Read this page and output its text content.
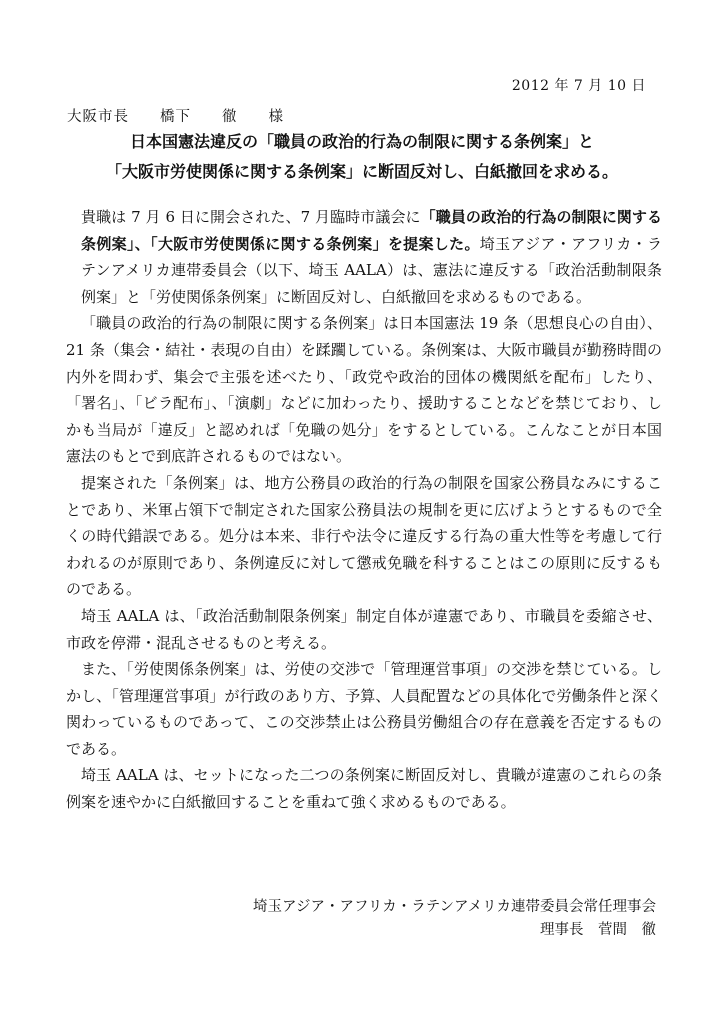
2012 年 7 月 10 日
大阪市長　　橋下　　徹　　様
日本国憲法違反の「職員の政治的行為の制限に関する条例案」と
「大阪市労使関係に関する条例案」に断固反対し、白紙撤回を求める。

貴職は 7 月 6 日に開会された、7 月臨時市議会に「職員の政治的行為の制限に関する条例案」、「大阪市労使関係に関する条例案」を提案した。埼玉アジア・アフリカ・ラテンアメリカ連帯委員会（以下、埼玉 AALA）は、憲法に違反する「政治活動制限条例案」と「労使関係条例案」に断固反対し、白紙撤回を求めるものである。

「職員の政治的行為の制限に関する条例案」は日本国憲法 19 条（思想良心の自由）、21 条（集会・結社・表現の自由）を蹂躙している。条例案は、大阪市職員が勤務時間の内外を問わず、集会で主張を述べたり、「政党や政治的団体の機関紙を配布」したり、「署名」、「ビラ配布」、「演劇」などに加わったり、援助することなどを禁じており、しかも当局が「違反」と認めれば「免職の処分」をするとしている。こんなことが日本国憲法のもとで到底許されるものではない。

提案された「条例案」は、地方公務員の政治的行為の制限を国家公務員なみにすることであり、米軍占領下で制定された国家公務員法の規制を更に広げようとするもので全くの時代錯誤である。処分は本来、非行や法令に違反する行為の重大性等を考慮して行われるのが原則であり、条例違反に対して懲戒免職を科することはこの原則に反するものである。

埼玉 AALA は、「政治活動制限条例案」制定自体が違憲であり、市職員を委縮させ、市政を停滞・混乱させるものと考える。

また、「労使関係条例案」は、労使の交渉で「管理運営事項」の交渉を禁じている。しかし、「管理運営事項」が行政のあり方、予算、人員配置などの具体化で労働条件と深く関わっているものであって、この交渉禁止は公務員労働組合の存在意義を否定するものである。

埼玉 AALA は、セットになった二つの条例案に断固反対し、貴職が違憲のこれらの条例案を速やかに白紙撤回することを重ねて強く求めるものである。

埼玉アジア・アフリカ・ラテンアメリカ連帯委員会常任理事会
理事長　菅間　徹
